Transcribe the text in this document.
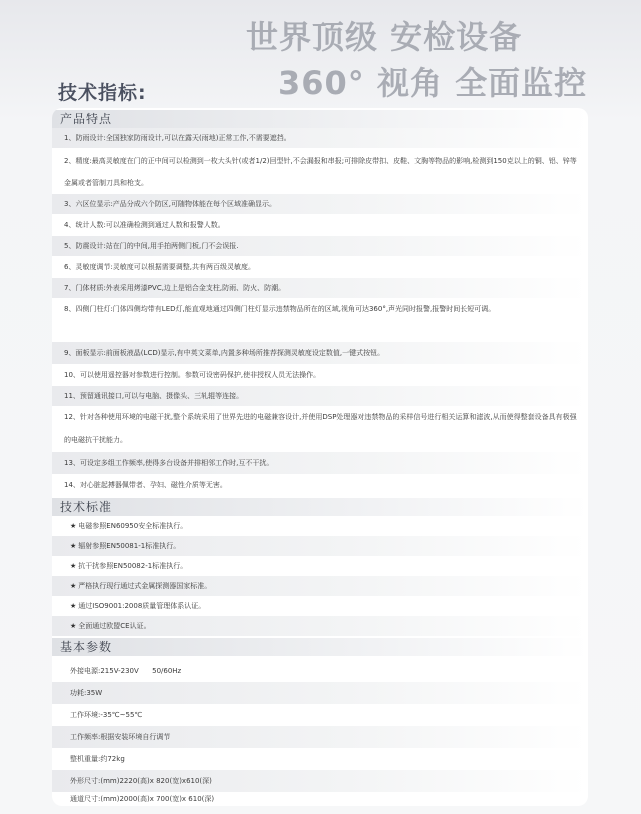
世界顶级 安检设备
360° 视角 全面监控
技术指标:
产品特点
1、防雨设计:全国独家防雨设计,可以在露天(雨地)正常工作,不需要遮挡。
2、精度:最高灵敏度在门的正中间可以检测到一枚大头针(或者1/2)回型针,不会漏报和串报;可排除皮带扣、皮鞋、文胸等物品的影响,检测到150克以上的铜、铝、锌等金属或者管制刀具和枪支。
3、六区位显示:产品分成六个防区,可随物体能在每个区域准确显示。
4、统计人数:可以准确检测到通过人数和报警人数。
5、防震设计:站在门的中间,用手拍两侧门板,门不会误报.
6、灵敏度调节:灵敏度可以根据需要调整,共有两百级灵敏度。
7、门体材质:外表采用烤漆PVC,边上是铝合金支柱,防雨、防火、防潮。
8、四侧门柱灯:门体四侧均带有LED灯,能直观地通过四侧门柱灯显示违禁物品所在的区域,视角可达360°,声光同时报警,报警时间长短可调。
9、面板显示:前面板液晶(LCD)显示,有中英文菜单,内置多种场所推荐探测灵敏度设定数值,一键式按钮。
10、可以使用遥控器对参数进行控制。参数可设密码保护,使非授权人员无法操作。
11、预留通讯接口,可以与电脑、摄像头、三轧辊等连接。
12、针对各种使用环境的电磁干扰,整个系统采用了世界先进的电磁兼容设计,并使用DSP处理器对违禁物品的采样信号进行相关运算和滤波,从而使得整套设备具有极强的电磁抗干扰能力。
13、可设定多组工作频率,使得多台设备并排相邻工作时,互不干扰。
14、对心脏起搏器佩带者、孕妇、磁性介质等无害。
技术标准
★ 电磁参照EN60950安全标准执行。
★ 辐射参照EN50081-1标准执行。
★ 抗干扰参照EN50082-1标准执行。
★ 严格执行现行通过式金属探测器国家标准。
★ 通过ISO9001:2008质量管理体系认证。
★ 全面通过欧盟CE认证。
基本参数
外接电源:215V-230V      50/60Hz
功耗:35W
工作环境:-35℃~55℃
工作频率:根据安装环境自行调节
整机重量:约72kg
外形尺寸:(mm)2220(高)x 820(宽)x610(深)
通道尺寸:(mm)2000(高)x 700(宽)x 610(深)
